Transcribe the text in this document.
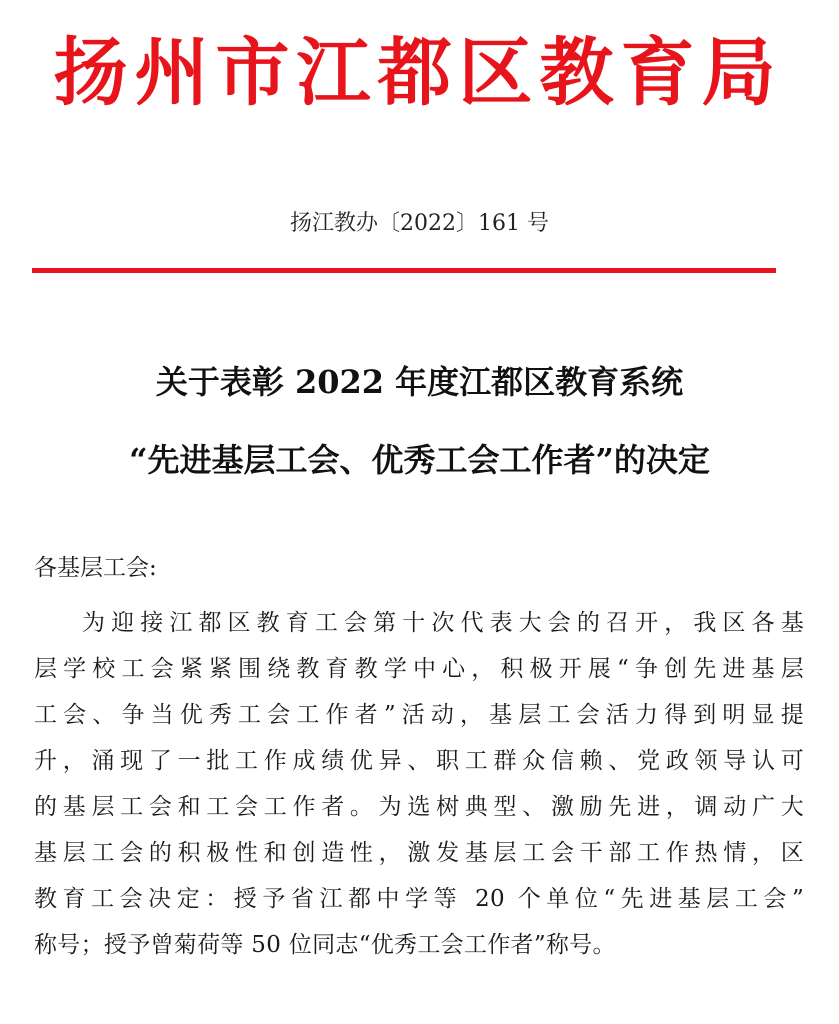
扬州市江都区教育局
扬江教办〔2022〕161 号
关于表彰 2022 年度江都区教育系统
“先进基层工会、优秀工会工作者”的决定
各基层工会:
为迎接江都区教育工会第十次代表大会的召开，我区各基
层学校工会紧紧围绕教育教学中心，积极开展“争创先进基层
工会、争当优秀工会工作者”活动，基层工会活力得到明显提
升，涌现了一批工作成绩优异、职工群众信赖、党政领导认可
的基层工会和工会工作者。为选树典型、激励先进，调动广大
基层工会的积极性和创造性，激发基层工会干部工作热情，区
教育工会决定：授予省江都中学等 20 个单位“先进基层工会”
称号；授予曾菊荷等 50 位同志“优秀工会工作者”称号。
